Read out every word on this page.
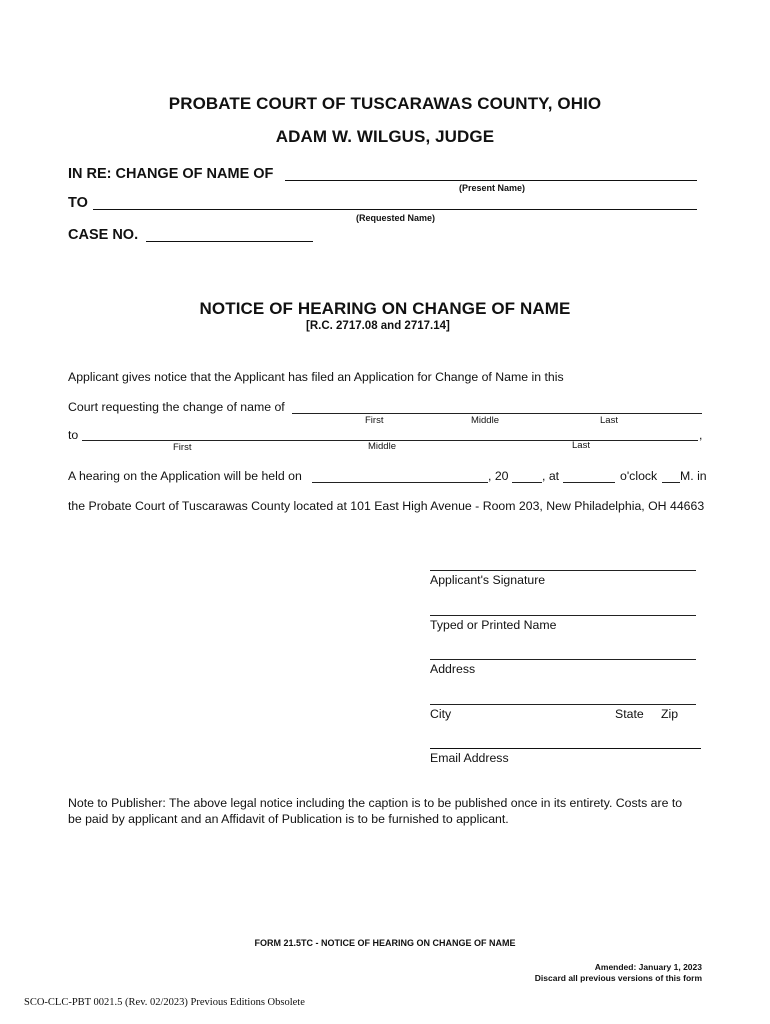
PROBATE COURT OF TUSCARAWAS COUNTY, OHIO
ADAM W. WILGUS, JUDGE
IN RE: CHANGE OF NAME OF
(Present Name)
TO
(Requested Name)
CASE NO.
NOTICE OF HEARING ON CHANGE OF NAME
[R.C. 2717.08 and 2717.14]
Applicant gives notice that the Applicant has filed an Application for Change of Name in this
Court requesting the change of name of
First	Middle	Last
to	,
First	Middle	Last
A hearing on the Application will be held on	, 20	, at	o'clock M. in
the Probate Court of Tuscarawas County located at 101 East High Avenue - Room 203, New Philadelphia, OH 44663
Applicant's Signature
Typed or Printed Name
Address
City	State Zip
Email Address
Note to Publisher: The above legal notice including the caption is to be published once in its entirety. Costs are to
be paid by applicant and an Affidavit of Publication is to be furnished to applicant.
FORM 21.5TC - NOTICE OF HEARING ON CHANGE OF NAME
Amended: January 1, 2023
Discard all previous versions of this form
SCO-CLC-PBT 0021.5 (Rev. 02/2023) Previous Editions Obsolete
